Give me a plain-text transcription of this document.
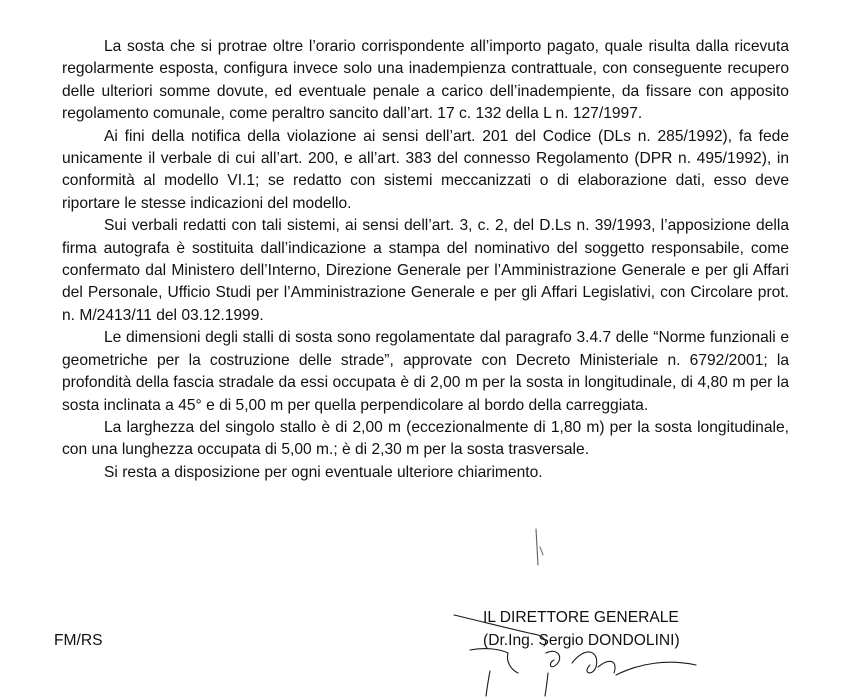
La sosta che si protrae oltre l’orario corrispondente all’importo pagato, quale risulta dalla ricevuta regolarmente esposta, configura invece solo una inadempienza contrattuale, con conseguente recupero delle ulteriori somme dovute, ed eventuale penale a carico dell’inadempiente, da fissare con apposito regolamento comunale, come peraltro sancito dall’art. 17 c. 132 della L n. 127/1997.

Ai fini della notifica della violazione ai sensi dell’art. 201 del Codice (DLs n. 285/1992), fa fede unicamente il verbale di cui all’art. 200, e all’art. 383 del connesso Regolamento (DPR n. 495/1992), in conformità al modello VI.1; se redatto con sistemi meccanizzati o di elaborazione dati, esso deve riportare le stesse indicazioni del modello.

Sui verbali redatti con tali sistemi, ai sensi dell’art. 3, c. 2, del D.Ls n. 39/1993, l’apposizione della firma autografa è sostituita dall’indicazione a stampa del nominativo del soggetto responsabile, come confermato dal Ministero dell’Interno, Direzione Generale per l’Amministrazione Generale e per gli Affari del Personale, Ufficio Studi per l’Amministrazione Generale e per gli Affari Legislativi, con Circolare prot. n. M/2413/11 del 03.12.1999.

Le dimensioni degli stalli di sosta sono regolamentate dal paragrafo 3.4.7 delle “Norme funzionali e geometriche per la costruzione delle strade”, approvate con Decreto Ministeriale n. 6792/2001; la profondità della fascia stradale da essi occupata è di 2,00 m per la sosta in longitudinale, di 4,80 m per la sosta inclinata a 45° e di 5,00 m per quella perpendicolare al bordo della carreggiata.

La larghezza del singolo stallo è di 2,00 m (eccezionalmente di 1,80 m) per la sosta longitudinale, con una lunghezza occupata di 5,00 m.; è di 2,30 m per la sosta trasversale.

Si resta a disposizione per ogni eventuale ulteriore chiarimento.

FM/RS
IL DIRETTORE GENERALE
(Dr.Ing. Sergio DONDOLINI)
